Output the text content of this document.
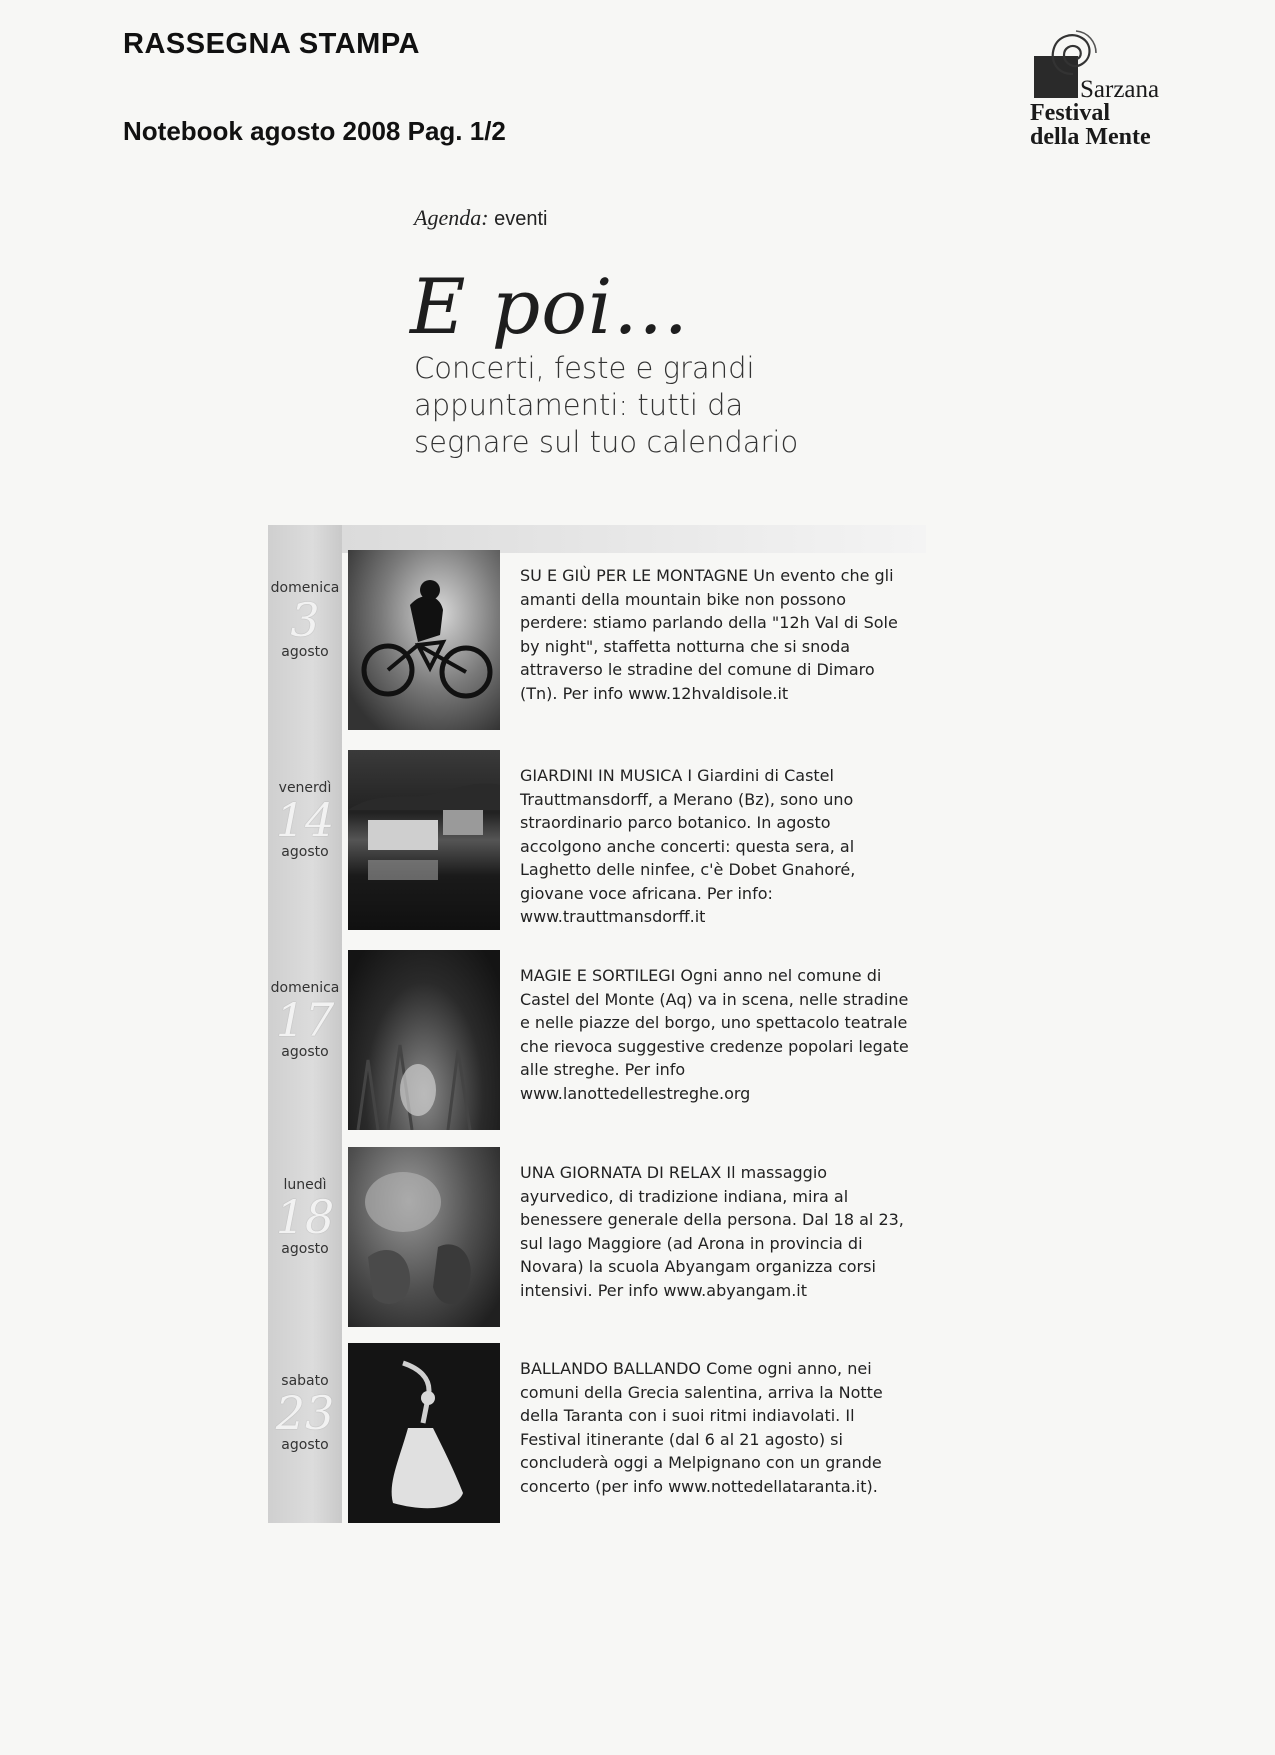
RASSEGNA STAMPA
Notebook agosto 2008 Pag. 1/2
Sarzana
Festival
della Mente
Agenda: eventi
E poi...
Concerti, feste e grandi appuntamenti: tutti da segnare sul tuo calendario
domenica
3
agosto
SU E GIÙ PER LE MONTAGNE Un evento che gli amanti della mountain bike non possono perdere: stiamo parlando della "12h Val di Sole by night", staffetta notturna che si snoda attraverso le stradine del comune di Dimaro (Tn). Per info www.12hvaldisole.it
venerdì
14
agosto
GIARDINI IN MUSICA I Giardini di Castel Trauttmansdorff, a Merano (Bz), sono uno straordinario parco botanico. In agosto accolgono anche concerti: questa sera, al Laghetto delle ninfee, c'è Dobet Gnahoré, giovane voce africana. Per info: www.trauttmansdorff.it
domenica
17
agosto
MAGIE E SORTILEGI Ogni anno nel comune di Castel del Monte (Aq) va in scena, nelle stradine e nelle piazze del borgo, uno spettacolo teatrale che rievoca suggestive credenze popolari legate alle streghe. Per info www.lanottedellestreghe.org
lunedì
18
agosto
UNA GIORNATA DI RELAX Il massaggio ayurvedico, di tradizione indiana, mira al benessere generale della persona. Dal 18 al 23, sul lago Maggiore (ad Arona in provincia di Novara) la scuola Abyangam organizza corsi intensivi. Per info www.abyangam.it
sabato
23
agosto
BALLANDO BALLANDO Come ogni anno, nei comuni della Grecia salentina, arriva la Notte della Taranta con i suoi ritmi indiavolati. Il Festival itinerante (dal 6 al 21 agosto) si concluderà oggi a Melpignano con un grande concerto (per info www.nottedellataranta.it).
